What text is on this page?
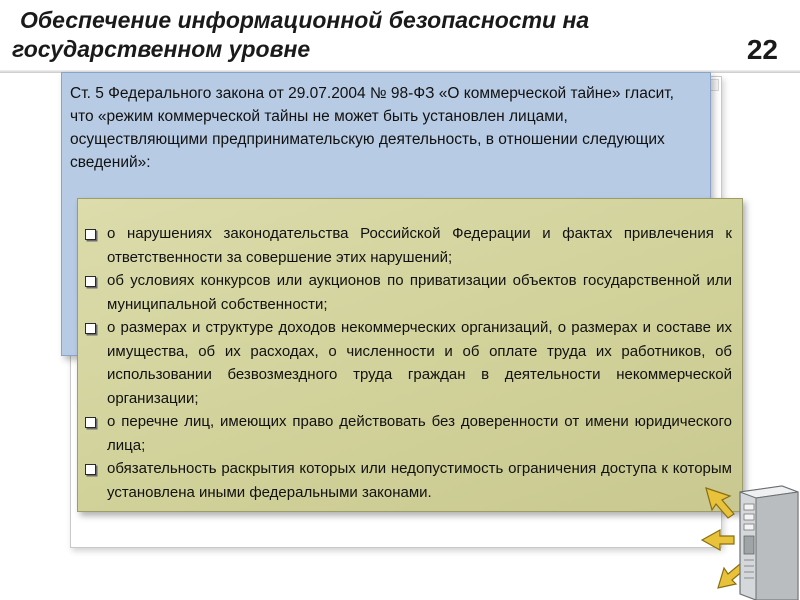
Обеспечение информационной безопасности на государственном уровне	22
Ст. 5 Федерального закона от 29.07.2004 № 98-ФЗ «О коммерческой тайне» гласит, что «режим коммерческой тайны не может быть установлен лицами, осуществляющими предпринимательскую деятельность, в отношении следующих сведений»:
о нарушениях законодательства Российской Федерации и фактах привлечения к ответственности за совершение этих нарушений;
об условиях конкурсов или аукционов по приватизации объектов государственной или муниципальной собственности;
о размерах и структуре доходов некоммерческих организаций, о размерах и составе их имущества, об их расходах, о численности и об оплате труда их работников, об использовании безвозмездного труда граждан в деятельности некоммерческой организации;
о перечне лиц, имеющих право действовать без доверенности от имени юридического лица;
обязательность раскрытия которых или недопустимость ограничения доступа к которым установлена иными федеральными законами.
